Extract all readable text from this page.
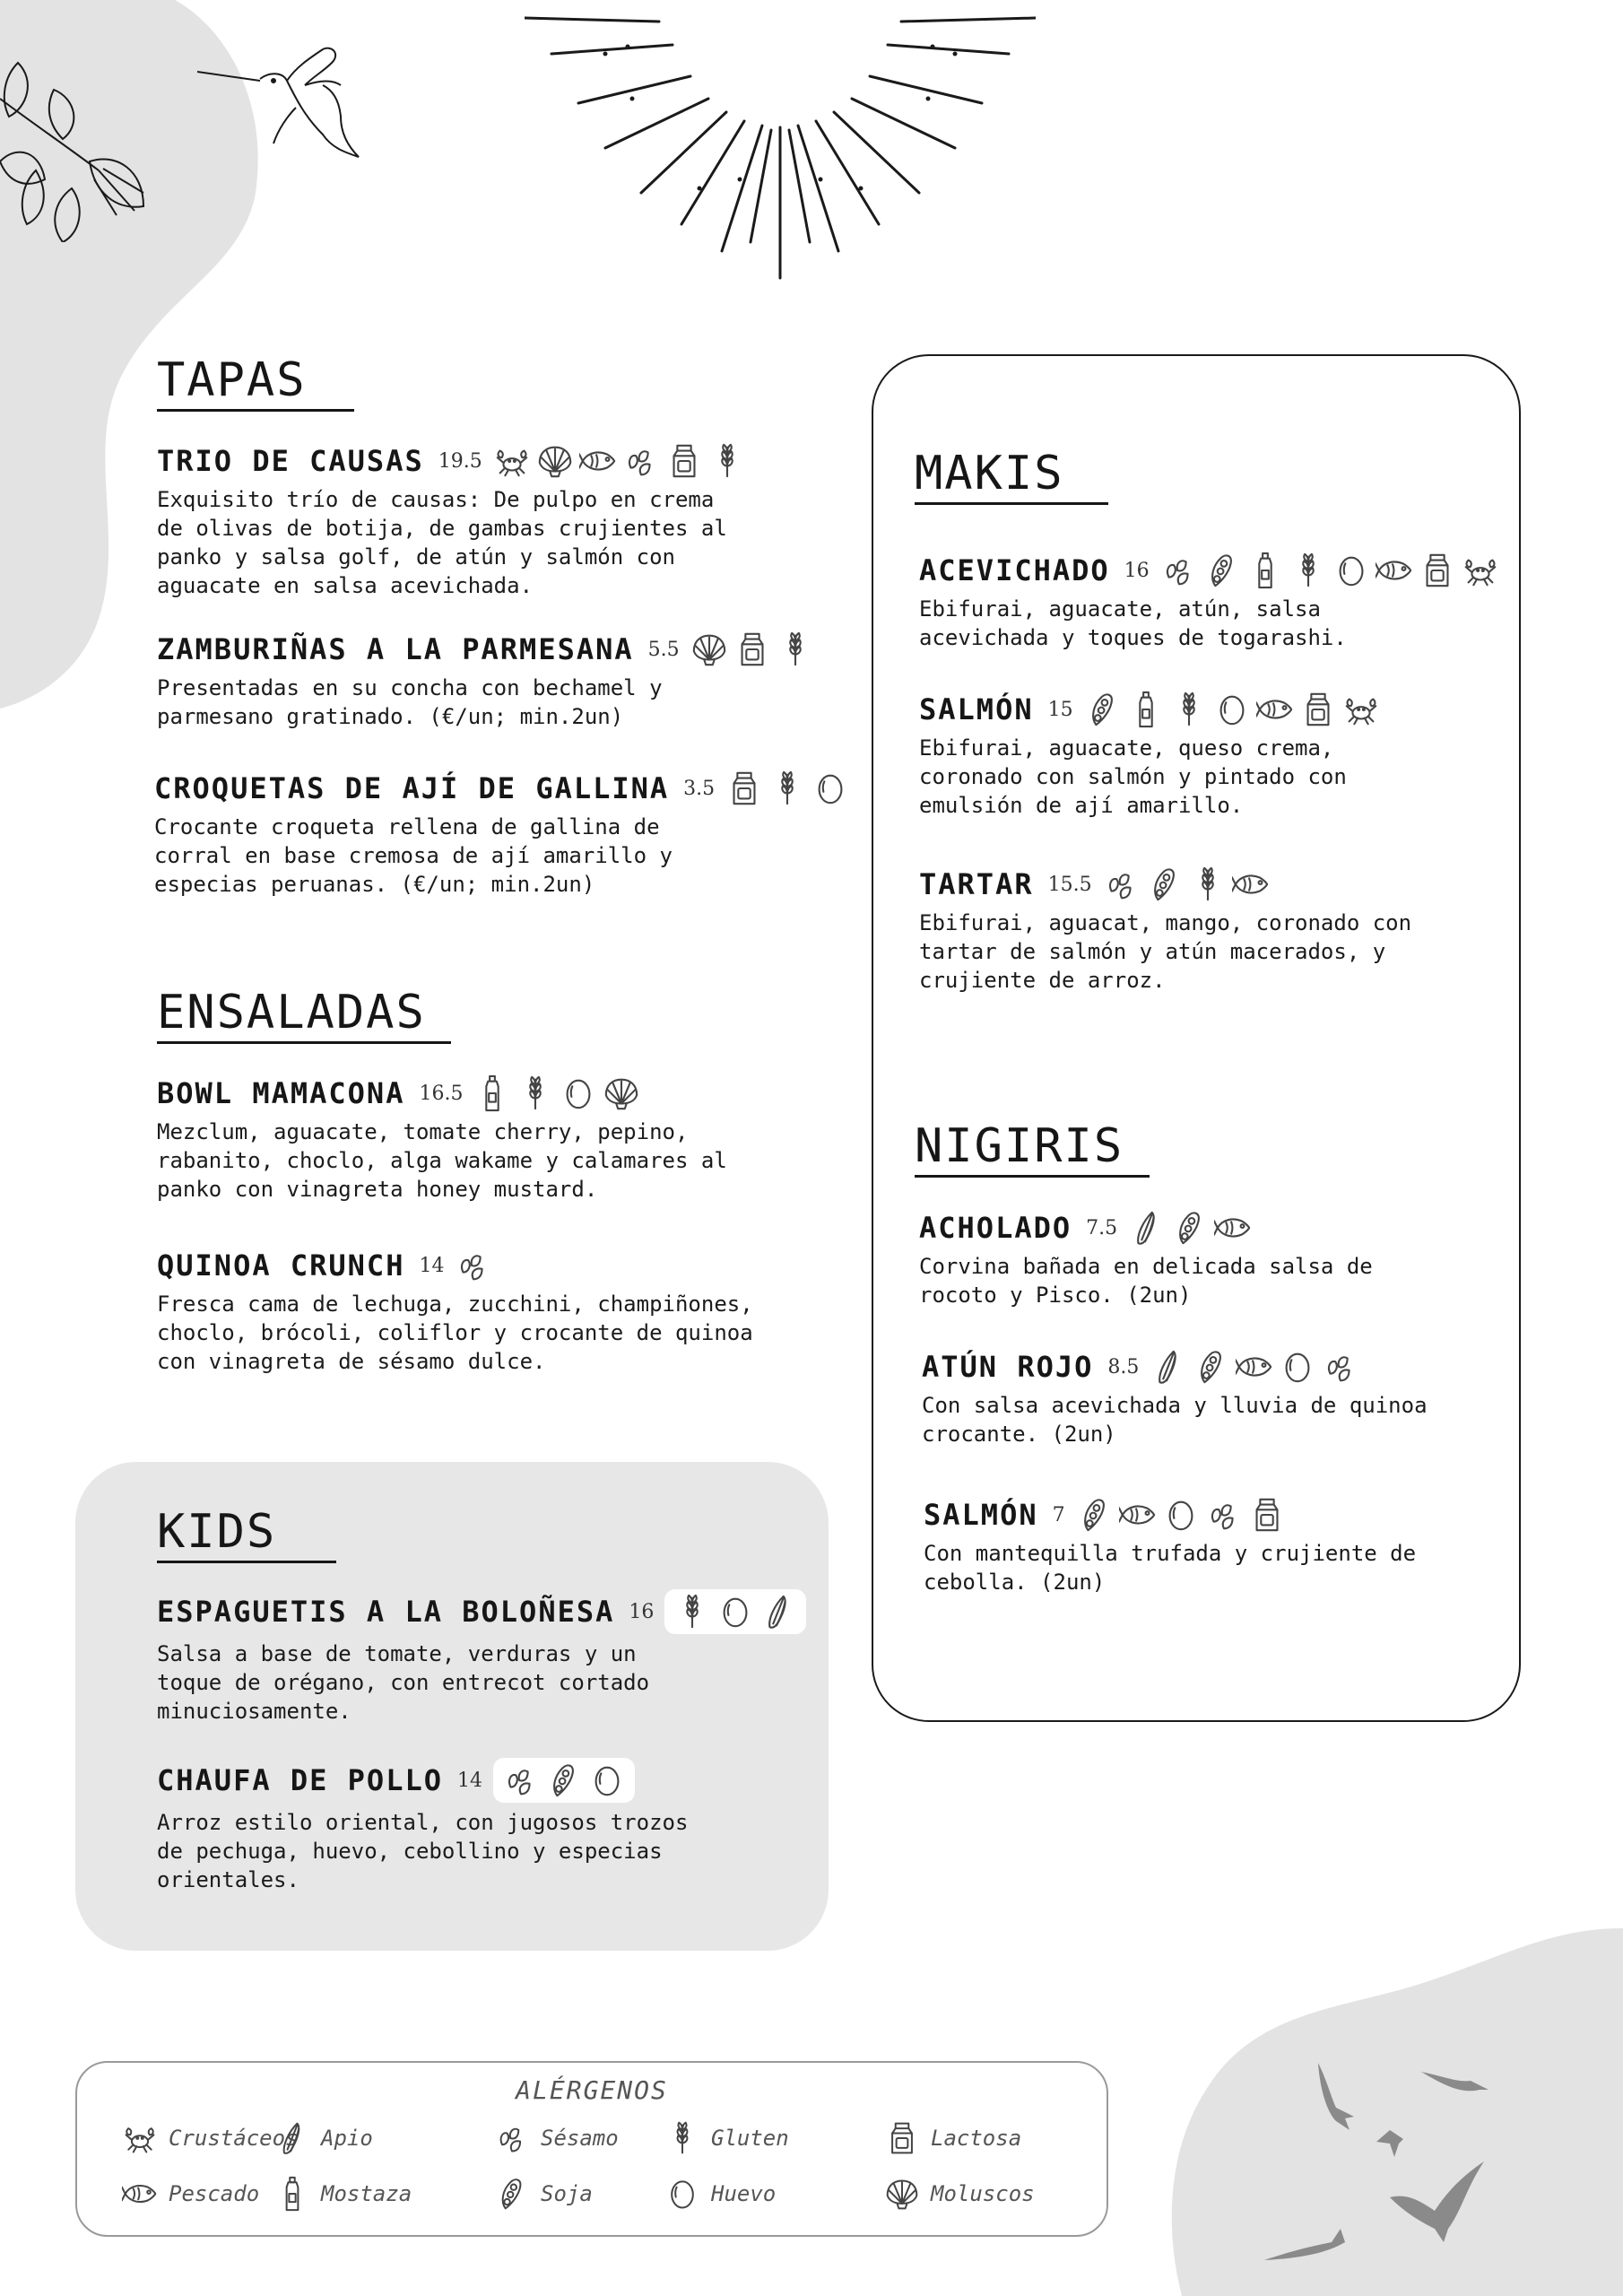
TAPAS
TRIO DE CAUSAS 19.5
Exquisito trío de causas: De pulpo en crema
de olivas de botija, de gambas crujientes al
panko y salsa golf, de atún y salmón con
aguacate en salsa acevichada.
ZAMBURIÑAS A LA PARMESANA 5.5
Presentadas en su concha con bechamel y
parmesano gratinado. (€/un; min.2un)
CROQUETAS DE AJÍ DE GALLINA 3.5
Crocante croqueta rellena de gallina de
corral en base cremosa de ají amarillo y
especias peruanas. (€/un; min.2un)
ENSALADAS
BOWL MAMACONA 16.5
Mezclum, aguacate, tomate cherry, pepino,
rabanito, choclo, alga wakame y calamares al
panko con vinagreta honey mustard.
QUINOA CRUNCH 14
Fresca cama de lechuga, zucchini, champiñones,
choclo, brócoli, coliflor y crocante de quinoa
con vinagreta de sésamo dulce.
KIDS
ESPAGUETIS A LA BOLOÑESA 16
Salsa a base de tomate, verduras y un
toque de orégano, con entrecot cortado
minuciosamente.
CHAUFA DE POLLO 14
Arroz estilo oriental, con jugosos trozos
de pechuga, huevo, cebollino y especias
orientales.
MAKIS
ACEVICHADO 16
Ebifurai, aguacate, atún, salsa
acevichada y toques de togarashi.
SALMÓN 15
Ebifurai, aguacate, queso crema,
coronado con salmón y pintado con
emulsión de ají amarillo.
TARTAR 15.5
Ebifurai, aguacat, mango, coronado con
tartar de salmón y atún macerados, y
crujiente de arroz.
NIGIRIS
ACHOLADO 7.5
Corvina bañada en delicada salsa de
rocoto y Pisco. (2un)
ATÚN ROJO 8.5
Con salsa acevichada y lluvia de quinoa
crocante. (2un)
SALMÓN 7
Con mantequilla trufada y crujiente de
cebolla. (2un)
ALÉRGENOS
Crustáceos Apio	Sésamo	Gluten	Lactosa
Pescado	Mostaza	Soja	Huevo	Moluscos
